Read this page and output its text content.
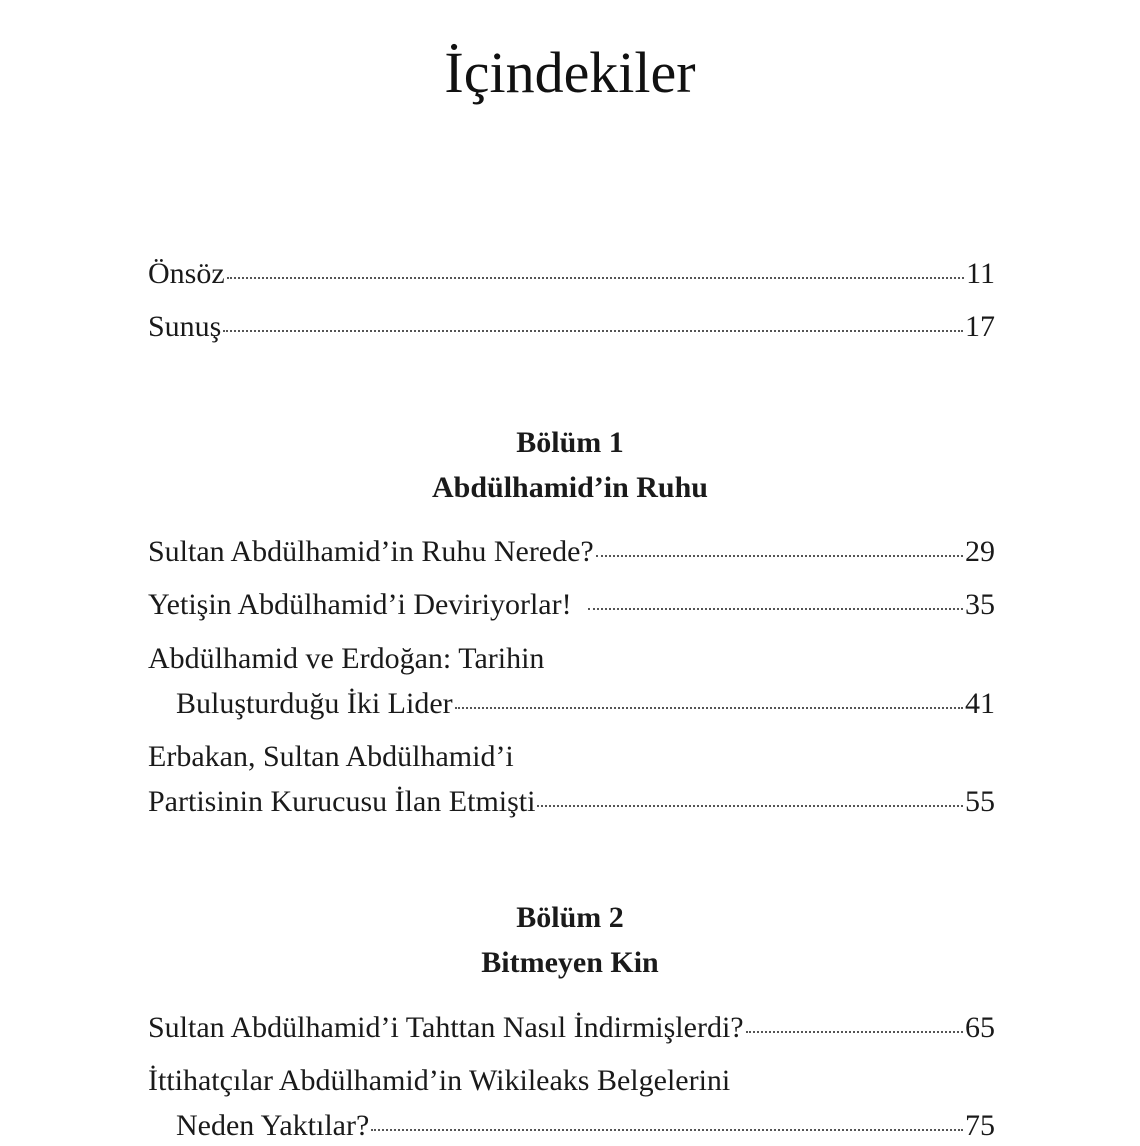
İçindekiler
Önsöz	11
Sunuş	17
Bölüm 1
Abdülhamid’in Ruhu
Sultan Abdülhamid’in Ruhu Nerede?	29
Yetişin Abdülhamid’i Deviriyorlar!	35
Abdülhamid ve Erdoğan: Tarihin
Buluşturduğu İki Lider	41
Erbakan, Sultan Abdülhamid’i
Partisinin Kurucusu İlan Etmişti	55
Bölüm 2
Bitmeyen Kin
Sultan Abdülhamid’i Tahttan Nasıl İndirmişlerdi?	65
İttihatçılar Abdülhamid’in Wikileaks Belgelerini
Neden Yaktılar?	75
